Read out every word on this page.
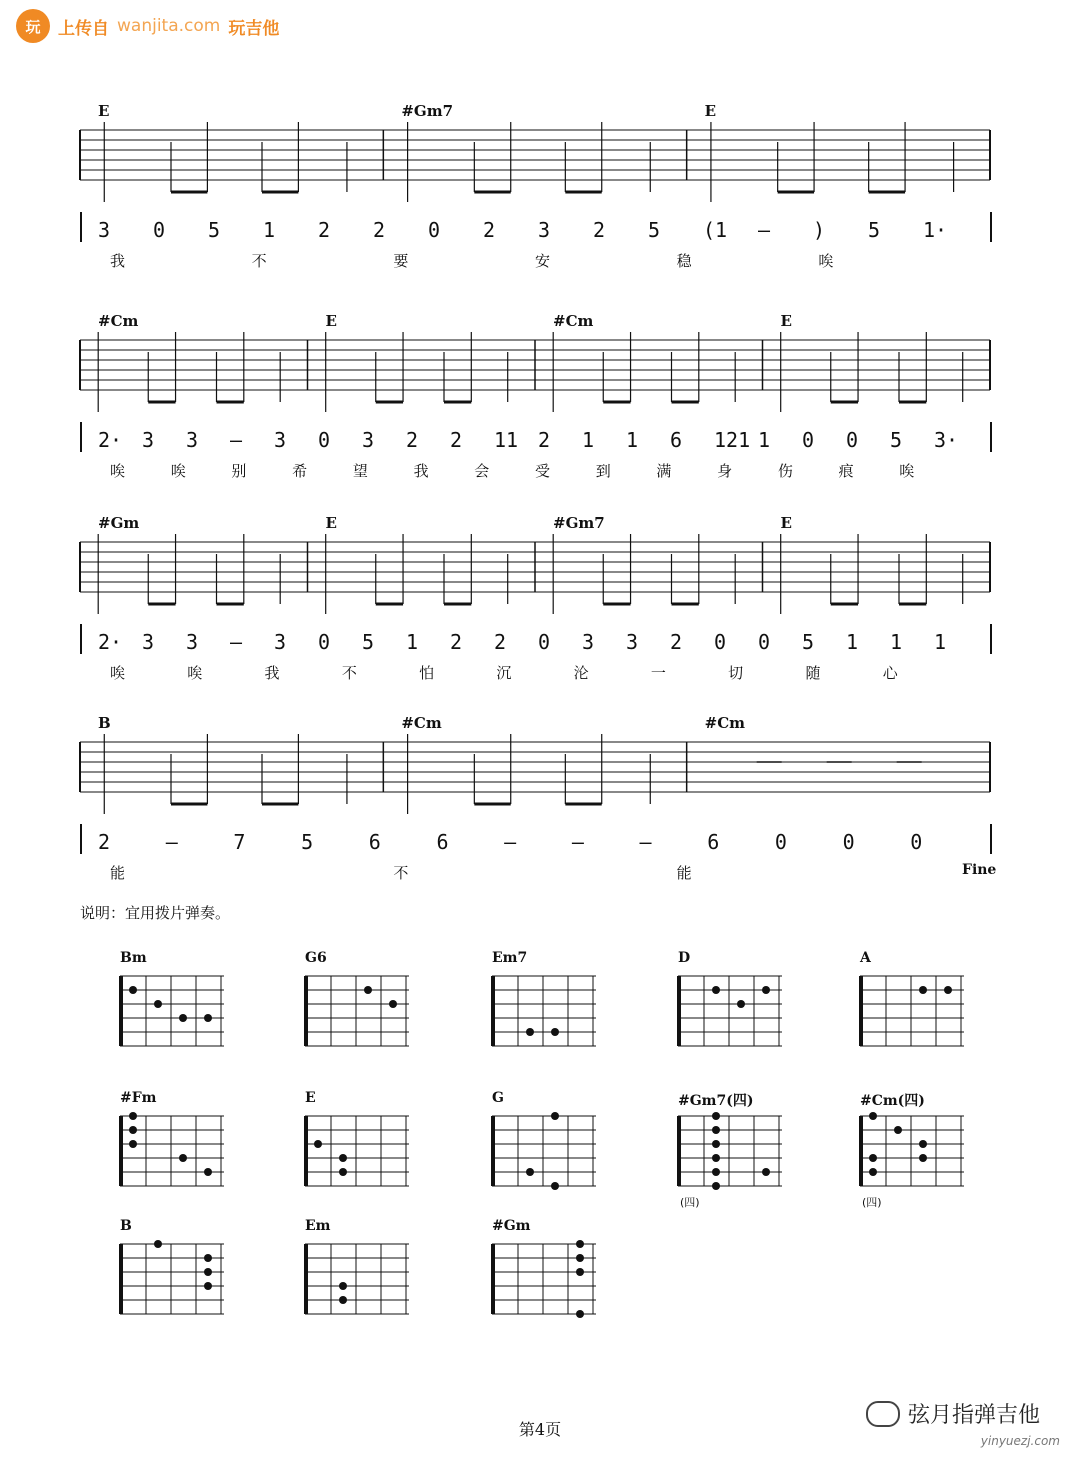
玩	上传自 wanjita.com 玩吉他
E	#Gm7	E
3 0 5 1 2 2 0 2 3 2 5 (1 – ) 5 1·
我	不	要	安	稳	唉
#Cm	E	#Cm	E
2· 3 3 – 3 0 3 2 2 11 2 1 1 6 121 1 0 0 5 3·
唉	唉	别	希	望	我	会	受	到	满	身	伤	痕	唉
#Gm	E	#Gm7	E
2· 3 3 – 3 0 5 1 2 2 0 3 3 2 0 0 5 1 1 1
唉	唉	我	不	怕	沉	沦	一	切	随	心
B	#Cm	#Cm
2	–	7	5	6	6	–	–	–	6	0	0	0
能	不	能	Fine
说明：宜用拨片弹奏。
Bm	G6	Em7	D	A
#Fm	E	G	#Gm7(四)
(四)
#Cm(四)
(四)
B	Em	#Gm
第4页
弦月指弹吉他
yinyuezj.com
